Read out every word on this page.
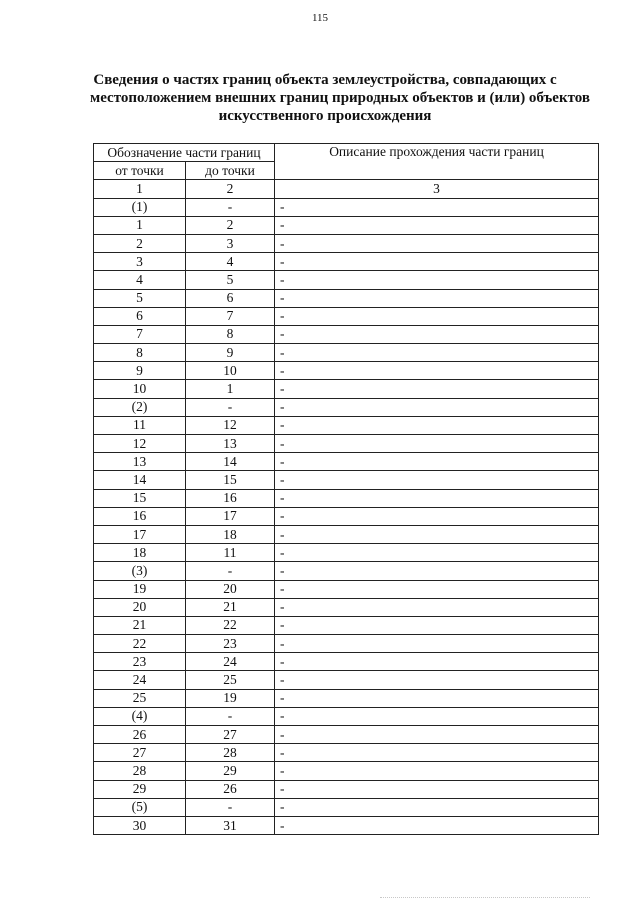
115
Сведения о частях границ объекта землеустройства, совпадающих с
местоположением внешних границ природных объектов и (или) объектов
искусственного происхождения
Обозначение части границ		Описание прохождения части границ
от точки	до точки	
1	2	3
(1)	-	-
1	2	-
2	3	-
3	4	-
4	5	-
5	6	-
6	7	-
7	8	-
8	9	-
9	10	-
10	1	-
(2)	-	-
11	12	-
12	13	-
13	14	-
14	15	-
15	16	-
16	17	-
17	18	-
18	11	-
(3)	-	-
19	20	-
20	21	-
21	22	-
22	23	-
23	24	-
24	25	-
25	19	-
(4)	-	-
26	27	-
27	28	-
28	29	-
29	26	-
(5)	-	-
30	31	-
